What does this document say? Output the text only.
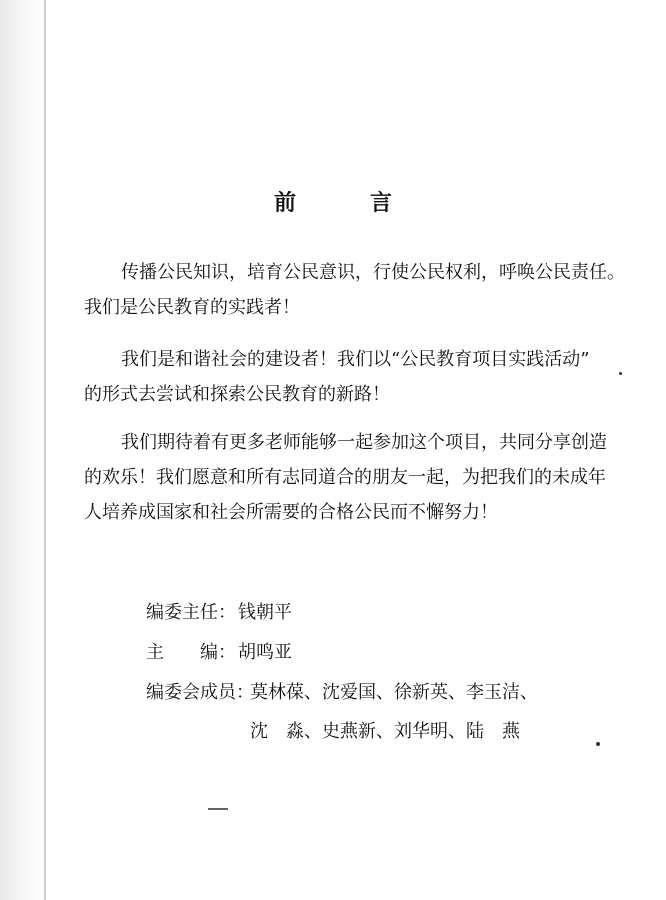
前　言
传播公民知识，培育公民意识，行使公民权利，呼唤公民责任。
我们是公民教育的实践者！
我们是和谐社会的建设者！我们以“公民教育项目实践活动”
的形式去尝试和探索公民教育的新路！
我们期待着有更多老师能够一起参加这个项目，共同分享创造
的欢乐！我们愿意和所有志同道合的朋友一起，为把我们的未成年
人培养成国家和社会所需要的合格公民而不懈努力！
编委主任： 钱朝平
主　　编： 胡鸣亚
编委会成员：莫林葆、沈爱国、徐新英、李玉洁、
沈　淼、史燕新、刘华明、陆　燕
